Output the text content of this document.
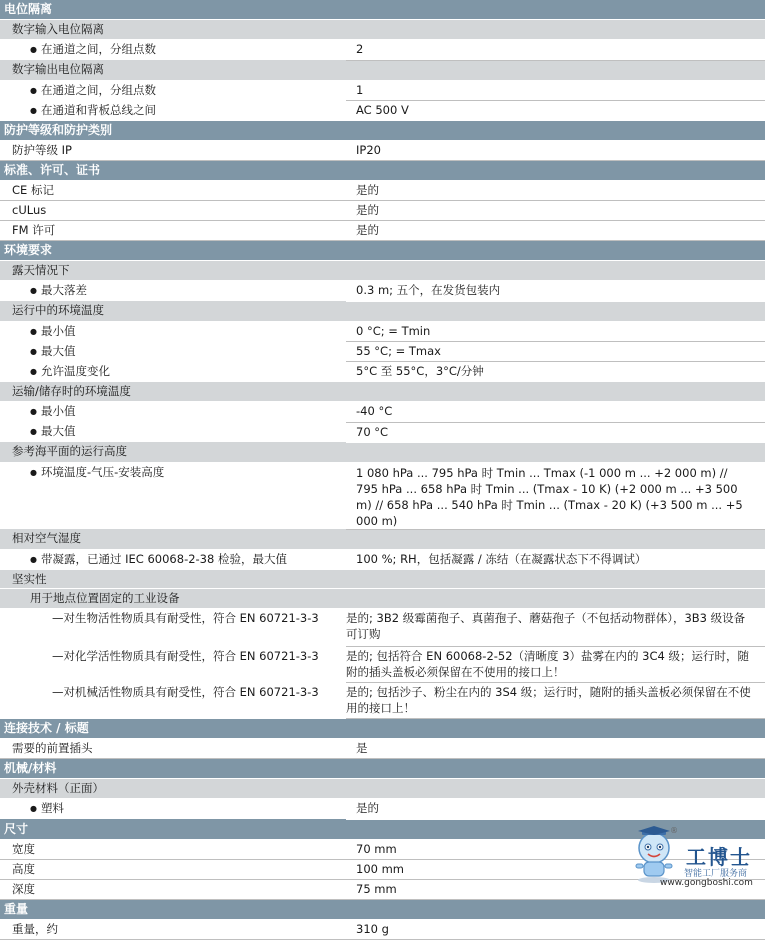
电位隔离	
数字输入电位隔离	
● 在通道之间，分组点数	2
数字输出电位隔离	
● 在通道之间，分组点数	1
● 在通道和背板总线之间	AC 500 V
防护等级和防护类别	
防护等级 IP	IP20
标准、许可、证书	
CE 标记	是的
cULus	是的
FM 许可	是的
环境要求	
露天情况下	
● 最大落差	0.3 m; 五个，在发货包装内
运行中的环境温度	
● 最小值	0 °C; = Tmin
● 最大值	55 °C; = Tmax
● 允许温度变化	5°C 至 55°C，3°C/分钟
运输/储存时的环境温度	
● 最小值	-40 °C
● 最大值	70 °C
参考海平面的运行高度	
● 环境温度-气压-安装高度	1 080 hPa ... 795 hPa 时 Tmin ... Tmax (-1 000 m ... +2 000 m) // 795 hPa ... 658 hPa 时 Tmin ... (Tmax - 10 K) (+2 000 m ... +3 500 m) // 658 hPa ... 540 hPa 时 Tmin ... (Tmax - 20 K) (+3 500 m ... +5 000 m)
相对空气湿度	
● 带凝露，已通过 IEC 60068-2-38 检验，最大值	100 %; RH，包括凝露 / 冻结（在凝露状态下不得调试）
坚实性	
用于地点位置固定的工业设备	
— 对生物活性物质具有耐受性，符合 EN 60721-3-3	是的; 3B2 级霉菌孢子、真菌孢子、蘑菇孢子（不包括动物群体），3B3 级设备可订购
— 对化学活性物质具有耐受性，符合 EN 60721-3-3	是的; 包括符合 EN 60068-2-52（清晰度 3）盐雾在内的 3C4 级；运行时，随附的插头盖板必须保留在不使用的接口上！
— 对机械活性物质具有耐受性，符合 EN 60721-3-3	是的; 包括沙子、粉尘在内的 3S4 级；运行时，随附的插头盖板必须保留在不使用的接口上！
连接技术 / 标题	
需要的前置插头	是
机械/材料	
外壳材料（正面）	
● 塑料	是的
尺寸	
宽度	70 mm
高度	100 mm
深度	75 mm
重量	
重量，约	310 g
®
工博士
智能工厂服务商
www.gongboshi.com
